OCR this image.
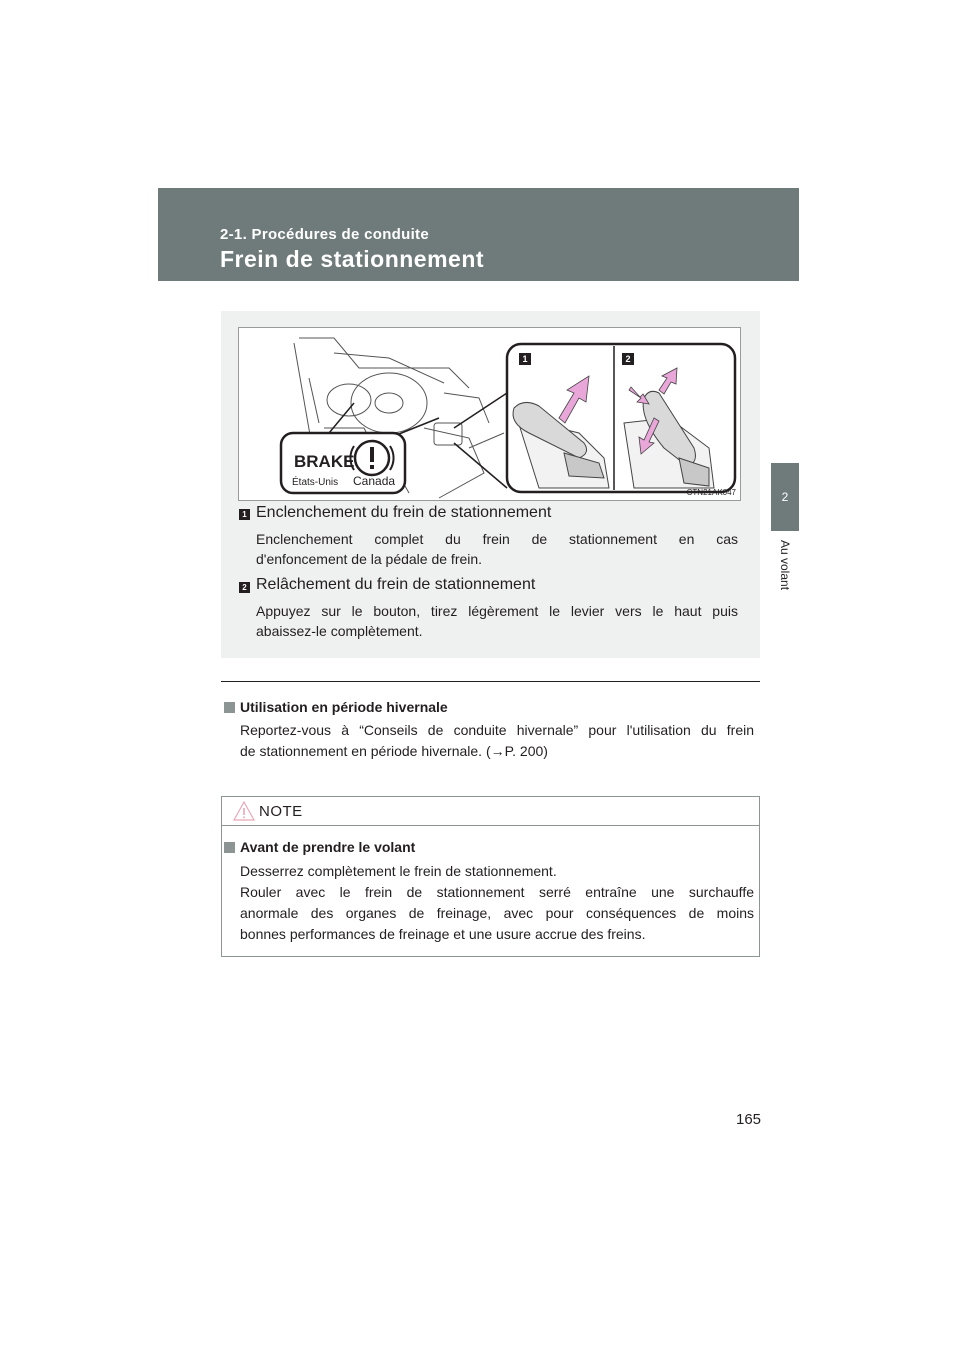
2-1. Procédures de conduite
Frein de stationnement
2
Au volant
BRAKE
États-Unis Canada
1	2
CTN21AK047
1 Enclenchement du frein de stationnement
Enclenchement complet du frein de stationnement en cas
d'enfoncement de la pédale de frein.
2 Relâchement du frein de stationnement
Appuyez sur le bouton, tirez légèrement le levier vers le haut puis
abaissez-le complètement.
Utilisation en période hivernale
Reportez-vous à “Conseils de conduite hivernale” pour l'utilisation du frein
de stationnement en période hivernale. (→P. 200)
NOTE
Avant de prendre le volant
Desserrez complètement le frein de stationnement.
Rouler avec le frein de stationnement serré entraîne une surchauffe
anormale des organes de freinage, avec pour conséquences de moins
bonnes performances de freinage et une usure accrue des freins.
165
